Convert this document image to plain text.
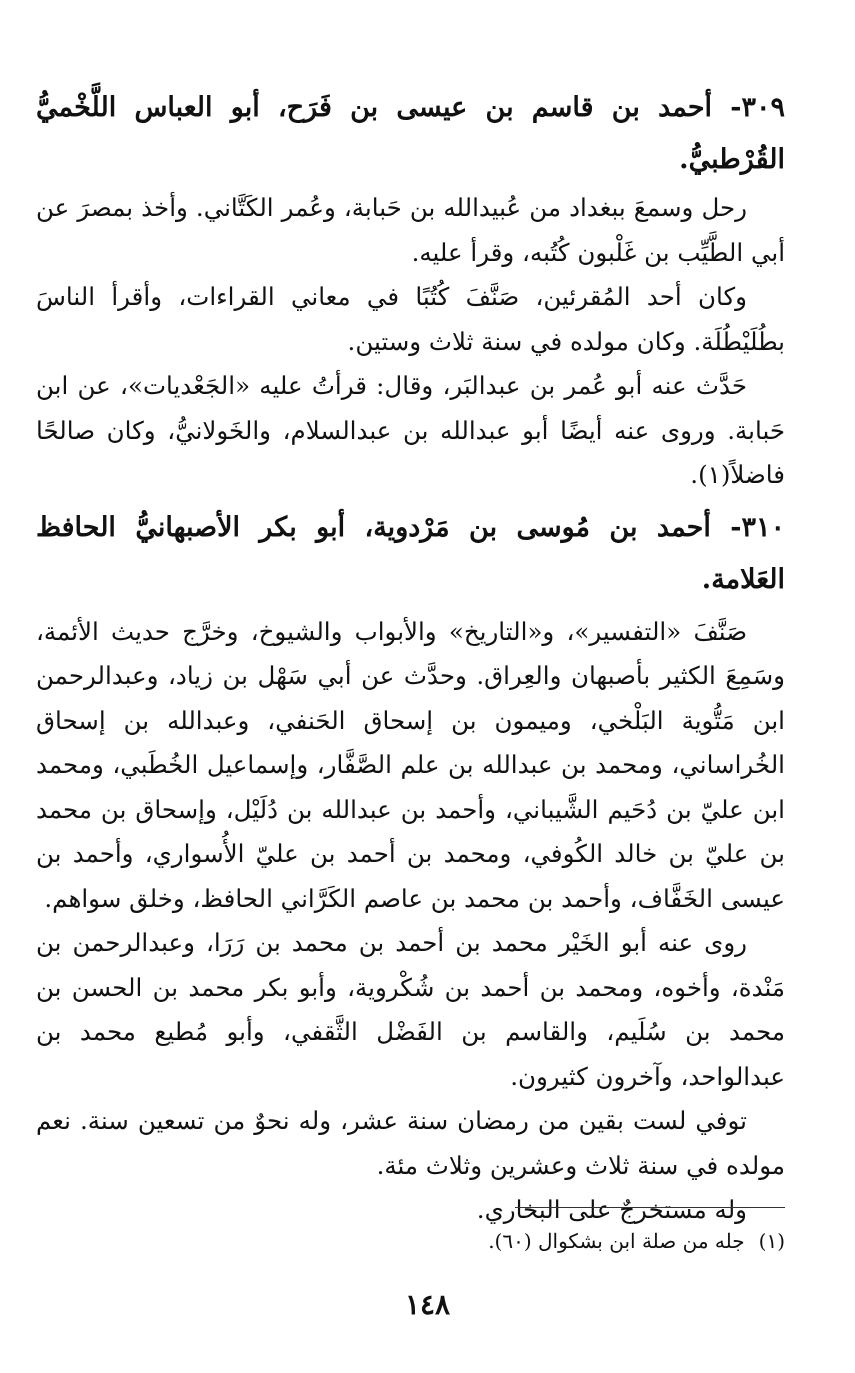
٣٠٩- أحمد بن قاسم بن عيسى بن فَرَح، أبو العباس اللَّخْميُّ القُرْطبيُّ.

رحل وسمعَ ببغداد من عُبيدالله بن حَبابة، وعُمر الكَتَّاني. وأخذ بمصرَ عن أبي الطَّيِّب بن غَلْبون كُتُبه، وقرأ عليه.

وكان أحد المُقرئين، صَنَّفَ كُتُبًا في معاني القراءات، وأقرأ الناسَ بطُلَيْطُلَة. وكان مولده في سنة ثلاث وستين.

حَدَّث عنه أبو عُمر بن عبدالبَر، وقال: قرأتُ عليه «الجَعْديات»، عن ابن حَبابة. وروى عنه أيضًا أبو عبدالله بن عبدالسلام، والخَولانيُّ، وكان صالحًا فاضلاً(١).

٣١٠- أحمد بن مُوسى بن مَرْدوية، أبو بكر الأصبهانيُّ الحافظ العَلامة.

صَنَّفَ «التفسير»، و«التاريخ» والأبواب والشيوخ، وخرَّج حديث الأئمة، وسَمِعَ الكثير بأصبهان والعِراق. وحدَّث عن أبي سَهْل بن زياد، وعبدالرحمن ابن مَتُّوية البَلْخي، وميمون بن إسحاق الحَنفي، وعبدالله بن إسحاق الخُراساني، ومحمد بن عبدالله بن علم الصَّفَّار، وإسماعيل الخُطَبي، ومحمد ابن عليّ بن دُحَيم الشَّيباني، وأحمد بن عبدالله بن دُلَيْل، وإسحاق بن محمد بن عليّ بن خالد الكُوفي، ومحمد بن أحمد بن عليّ الأُسواري، وأحمد بن عيسى الخَفَّاف، وأحمد بن محمد بن عاصم الكَرَّاني الحافظ، وخلق سواهم.

روى عنه أبو الخَيْر محمد بن أحمد بن محمد بن رَرَا، وعبدالرحمن بن مَنْدة، وأخوه، ومحمد بن أحمد بن شُكْروية، وأبو بكر محمد بن الحسن بن محمد بن سُلَيم، والقاسم بن الفَضْل الثَّقفي، وأبو مُطيع محمد بن عبدالواحد، وآخرون كثيرون.

توفي لست بقين من رمضان سنة عشر، وله نحوٌ من تسعين سنة. نعم مولده في سنة ثلاث وعشرين وثلاث مئة.

وله مستخرجٌ على البخاري.

(١)جله من صلة ابن بشكوال (٦٠).

١٤٨
